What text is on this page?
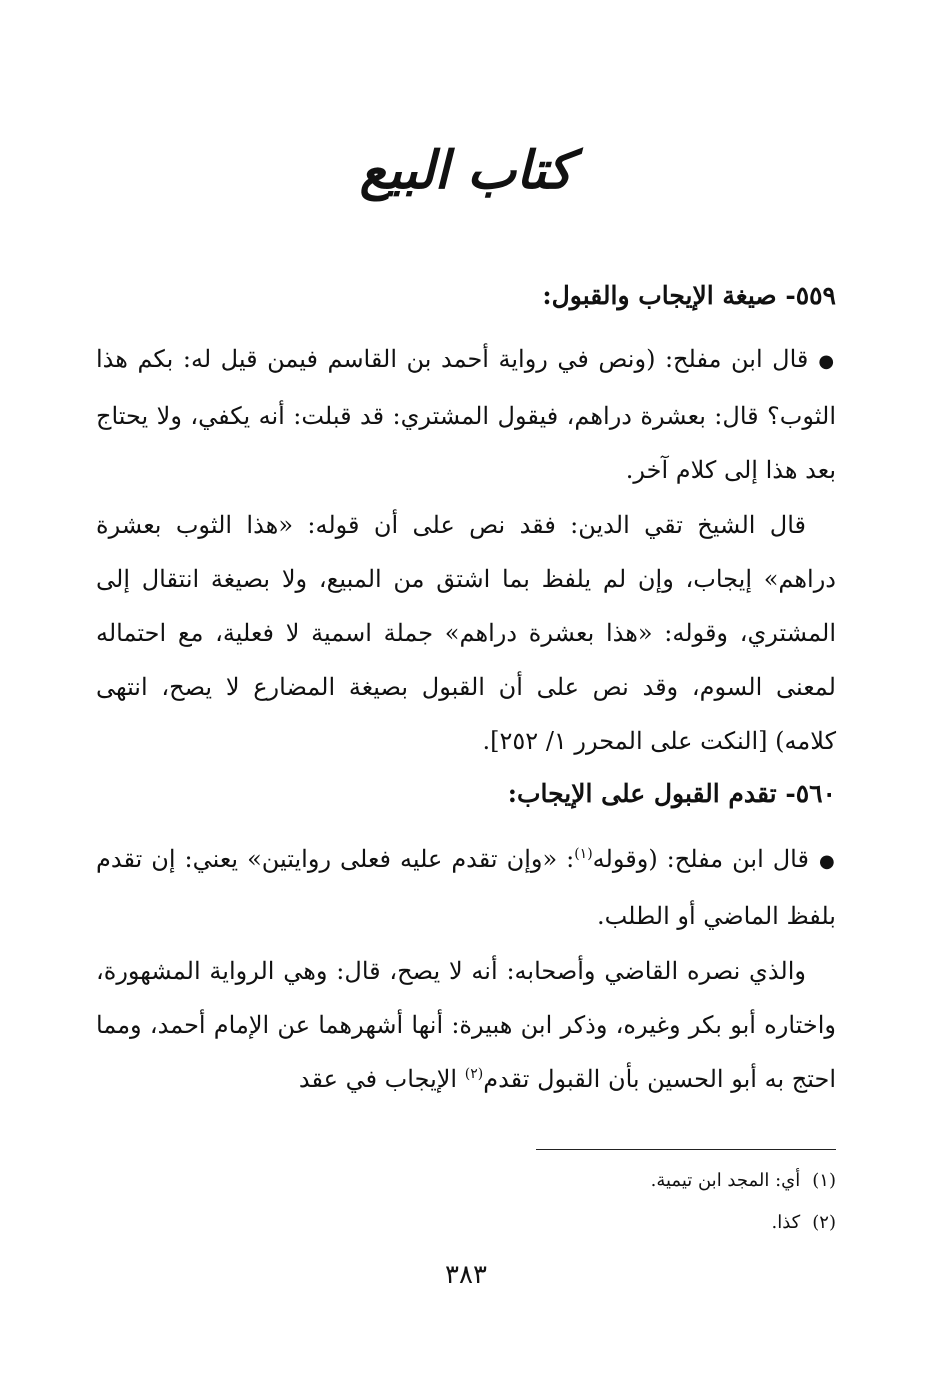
كتاب البيع
٥٥٩- صيغة الإيجاب والقبول:
●قال ابن مفلح: (ونص في رواية أحمد بن القاسم فيمن قيل له: بكم هذا الثوب؟ قال: بعشرة دراهم، فيقول المشتري: قد قبلت: أنه يكفي، ولا يحتاج بعد هذا إلى كلام آخر.
قال الشيخ تقي الدين: فقد نص على أن قوله: «هذا الثوب بعشرة دراهم» إيجاب، وإن لم يلفظ بما اشتق من المبيع، ولا بصيغة انتقال إلى المشتري، وقوله: «هذا بعشرة دراهم» جملة اسمية لا فعلية، مع احتماله لمعنى السوم، وقد نص على أن القبول بصيغة المضارع لا يصح، انتهى كلامه) [النكت على المحرر ١/ ٢٥٢].
٥٦٠- تقدم القبول على الإيجاب:
●قال ابن مفلح: (وقوله$^{(١)}$: «وإن تقدم عليه فعلى روايتين» يعني: إن تقدم بلفظ الماضي أو الطلب.
والذي نصره القاضي وأصحابه: أنه لا يصح، قال: وهي الرواية المشهورة، واختاره أبو بكر وغيره، وذكر ابن هبيرة: أنها أشهرهما عن الإمام أحمد، ومما احتج به أبو الحسين بأن القبول تقدم$^{(٢)}$ الإيجاب في عقد
(١)أي: المجد ابن تيمية.
(٢)كذا.
٣٨٣
